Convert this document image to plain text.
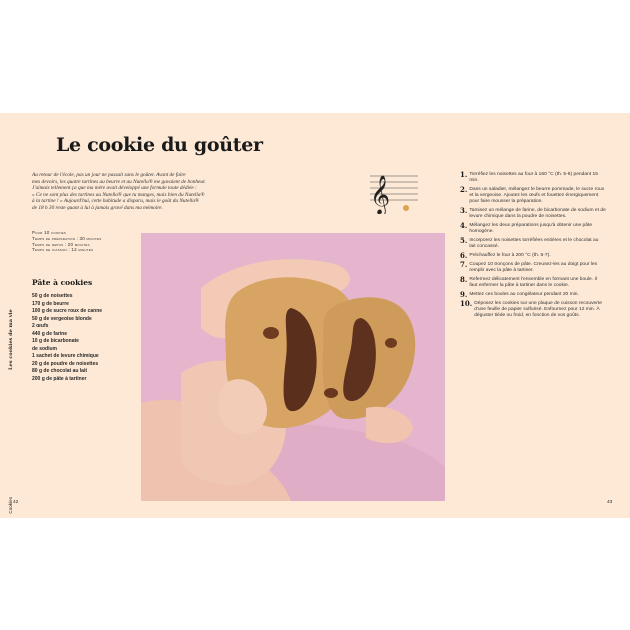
Le cookie du goûter

Au retour de l'école, pas un jour ne passait sans le goûter. Avant de faire

mes devoirs, les quatre tartines au beurre et au Nutella® me gavaient de bonheur.

J'aimais tellement ça que ma mère avait développé une formule toute dédiée :

« Ce ne sont plus des tartines au Nutella® que tu manges, mais bien du Nutella®

à la tartine ! » Aujourd'hui, cette habitude a disparu, mais le goût du Nutella®

de 18 h 30 reste quant à lui à jamais gravé dans ma mémoire.

Pour 10 cookies
Temps de préparation : 30 minutes
Temps de repos : 20 minutes
Temps de cuisson : 12 minutes
Les cookies de ma vie
Cookies
Pâte à cookies
50 g de noisettes
170 g de beurre
100 g de sucre roux de canne
50 g de vergeoise blonde
2 œufs
440 g de farine
10 g de bicarbonate
de sodium
1 sachet de levure chimique
20 g de poudre de noisettes
80 g de chocolat au lait
200 g de pâte à tartiner
𝄞
1. Torréfiez les noisettes au four à 160 °C (th. 5-6) pendant 15 min.
2. Dans un saladier, mélangez le beurre pommade, le sucre roux et la vergeoise. Ajoutez les œufs et fouettez énergiquement pour faire mousser la préparation.
3. Tamisez un mélange de farine, de bicarbonate de sodium et de levure chimique dans la poudre de noisettes.
4. Mélangez les deux préparations jusqu'à obtenir une pâte homogène.
5. Incorporez les noisettes torréfiées entières et le chocolat au lait concassé.
6. Préchauffez le four à 200 °C (th. 6-7).
7. Coupez 10 tronçons de pâte. Creusez-les au doigt pour les remplir avec la pâte à tartiner.
8. Refermez délicatement l'ensemble en formant une boule. Il faut enfermer la pâte à tartiner dans le cookie.
9. Mettez ces boules au congélateur pendant 20 min.
10. Déposez les cookies sur une plaque de cuisson recouverte d'une feuille de papier sulfurisé. Enfournez pour 12 min. À déguster tiède ou froid, en fonction de vos goûts.
42	43
